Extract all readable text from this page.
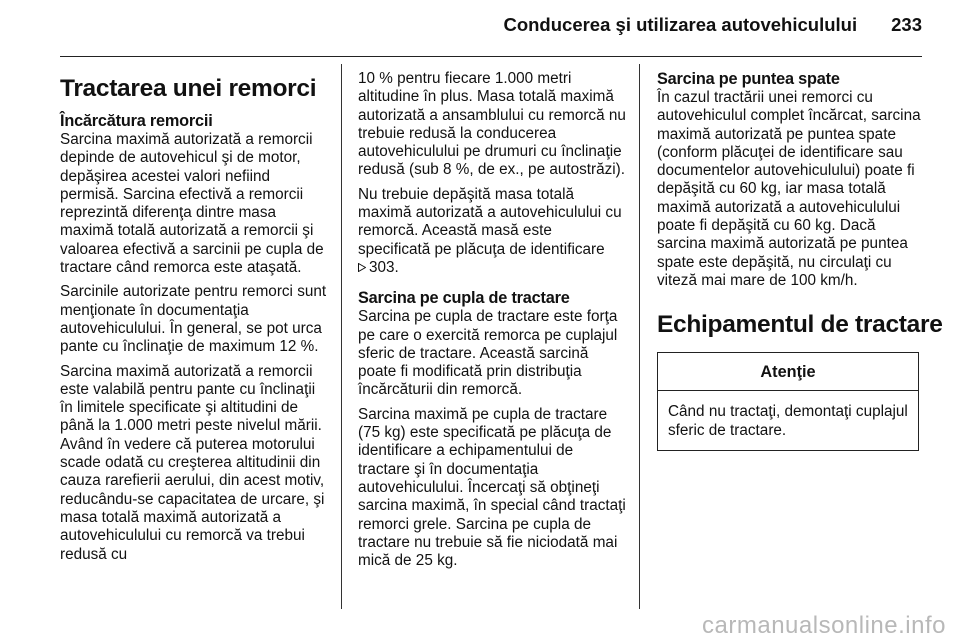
Conducerea şi utilizarea autovehiculului 233
Tractarea unei remorci
Încărcătura remorcii

Sarcina maximă autorizată a remorcii depinde de autovehicul şi de motor, depăşirea acestei valori nefiind permisă. Sarcina efectivă a remorcii reprezintă diferenţa dintre masa maximă totală autorizată a remorcii şi valoarea efectivă a sarcinii pe cupla de tractare când remorca este ataşată.

Sarcinile autorizate pentru remorci sunt menţionate în documentaţia autovehiculului. În general, se pot urca pante cu înclinaţie de maximum 12 %.

Sarcina maximă autorizată a remorcii este valabilă pentru pante cu înclinaţii în limitele specificate şi altitudini de până la 1.000 metri peste nivelul mării. Având în vedere că puterea motorului scade odată cu creşterea altitudinii din cauza rarefierii aerului, din acest motiv, reducându-se capacitatea de urcare, şi masa totală maximă autorizată a autovehiculului cu remorcă va trebui redusă cu

10 % pentru fiecare 1.000 metri altitudine în plus. Masa totală maximă autorizată a ansamblului cu remorcă nu trebuie redusă la conducerea autovehiculului pe drumuri cu înclinaţie redusă (sub 8 %, de ex., pe autostrăzi).

Nu trebuie depăşită masa totală maximă autorizată a autovehiculului cu remorcă. Această masă este specificată pe plăcuţa de identificare
303.

Sarcina pe cupla de tractare

Sarcina pe cupla de tractare este forţa pe care o exercită remorca pe cuplajul sferic de tractare. Această sarcină poate fi modificată prin distribuţia încărcăturii din remorcă.

Sarcina maximă pe cupla de tractare (75 kg) este specificată pe plăcuţa de identificare a echipamentului de tractare şi în documentaţia autovehiculului. Încercaţi să obţineţi sarcina maximă, în special când tractaţi remorci grele. Sarcina pe cupla de tractare nu trebuie să fie niciodată mai mică de 25 kg.

Sarcina pe puntea spate

În cazul tractării unei remorci cu autovehiculul complet încărcat, sarcina maximă autorizată pe puntea spate (conform plăcuţei de identificare sau documentelor autovehiculului) poate fi depăşită cu 60 kg, iar masa totală maximă autorizată a autovehiculului poate fi depăşită cu 60 kg. Dacă sarcina maximă autorizată pe puntea spate este depăşită, nu circulaţi cu viteză mai mare de 100 km/h.

Echipamentul de tractare
Atenţie
Când nu tractaţi, demontaţi cuplajul sferic de tractare.
carmanualsonline.info
